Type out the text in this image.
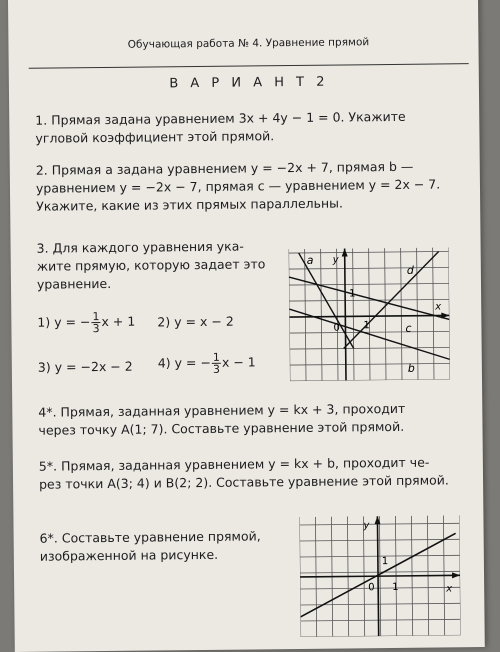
Обучающая работа № 4. Уравнение прямой
В А Р И А Н Т 2
1. Прямая задана уравнением 3x + 4y − 1 = 0. Укажите
угловой коэффициент этой прямой.
2. Прямая a задана уравнением y = −2x + 7, прямая b —
уравнением y = −2x − 7, прямая c — уравнением y = 2x − 7.
Укажите, какие из этих прямых параллельны.
3. Для каждого уравнения ука-
жите прямую, которую задает это
уравнение.
1) y = − $\frac{1}{3}$ x + 1 2) y = x − 2
3) y = −2x − 2 4) y = − $\frac{1}{3}$ x − 1
a y
d
1
x
0 1	c
b
4*. Прямая, заданная уравнением y = kx + 3, проходит
через точку A(1; 7). Составьте уравнение этой прямой.
5*. Прямая, заданная уравнением y = kx + b, проходит че-
рез точки A(3; 4) и B(2; 2). Составьте уравнение этой прямой.
6*. Составьте уравнение прямой,
изображенной на рисунке.
y
1
0 1	x
